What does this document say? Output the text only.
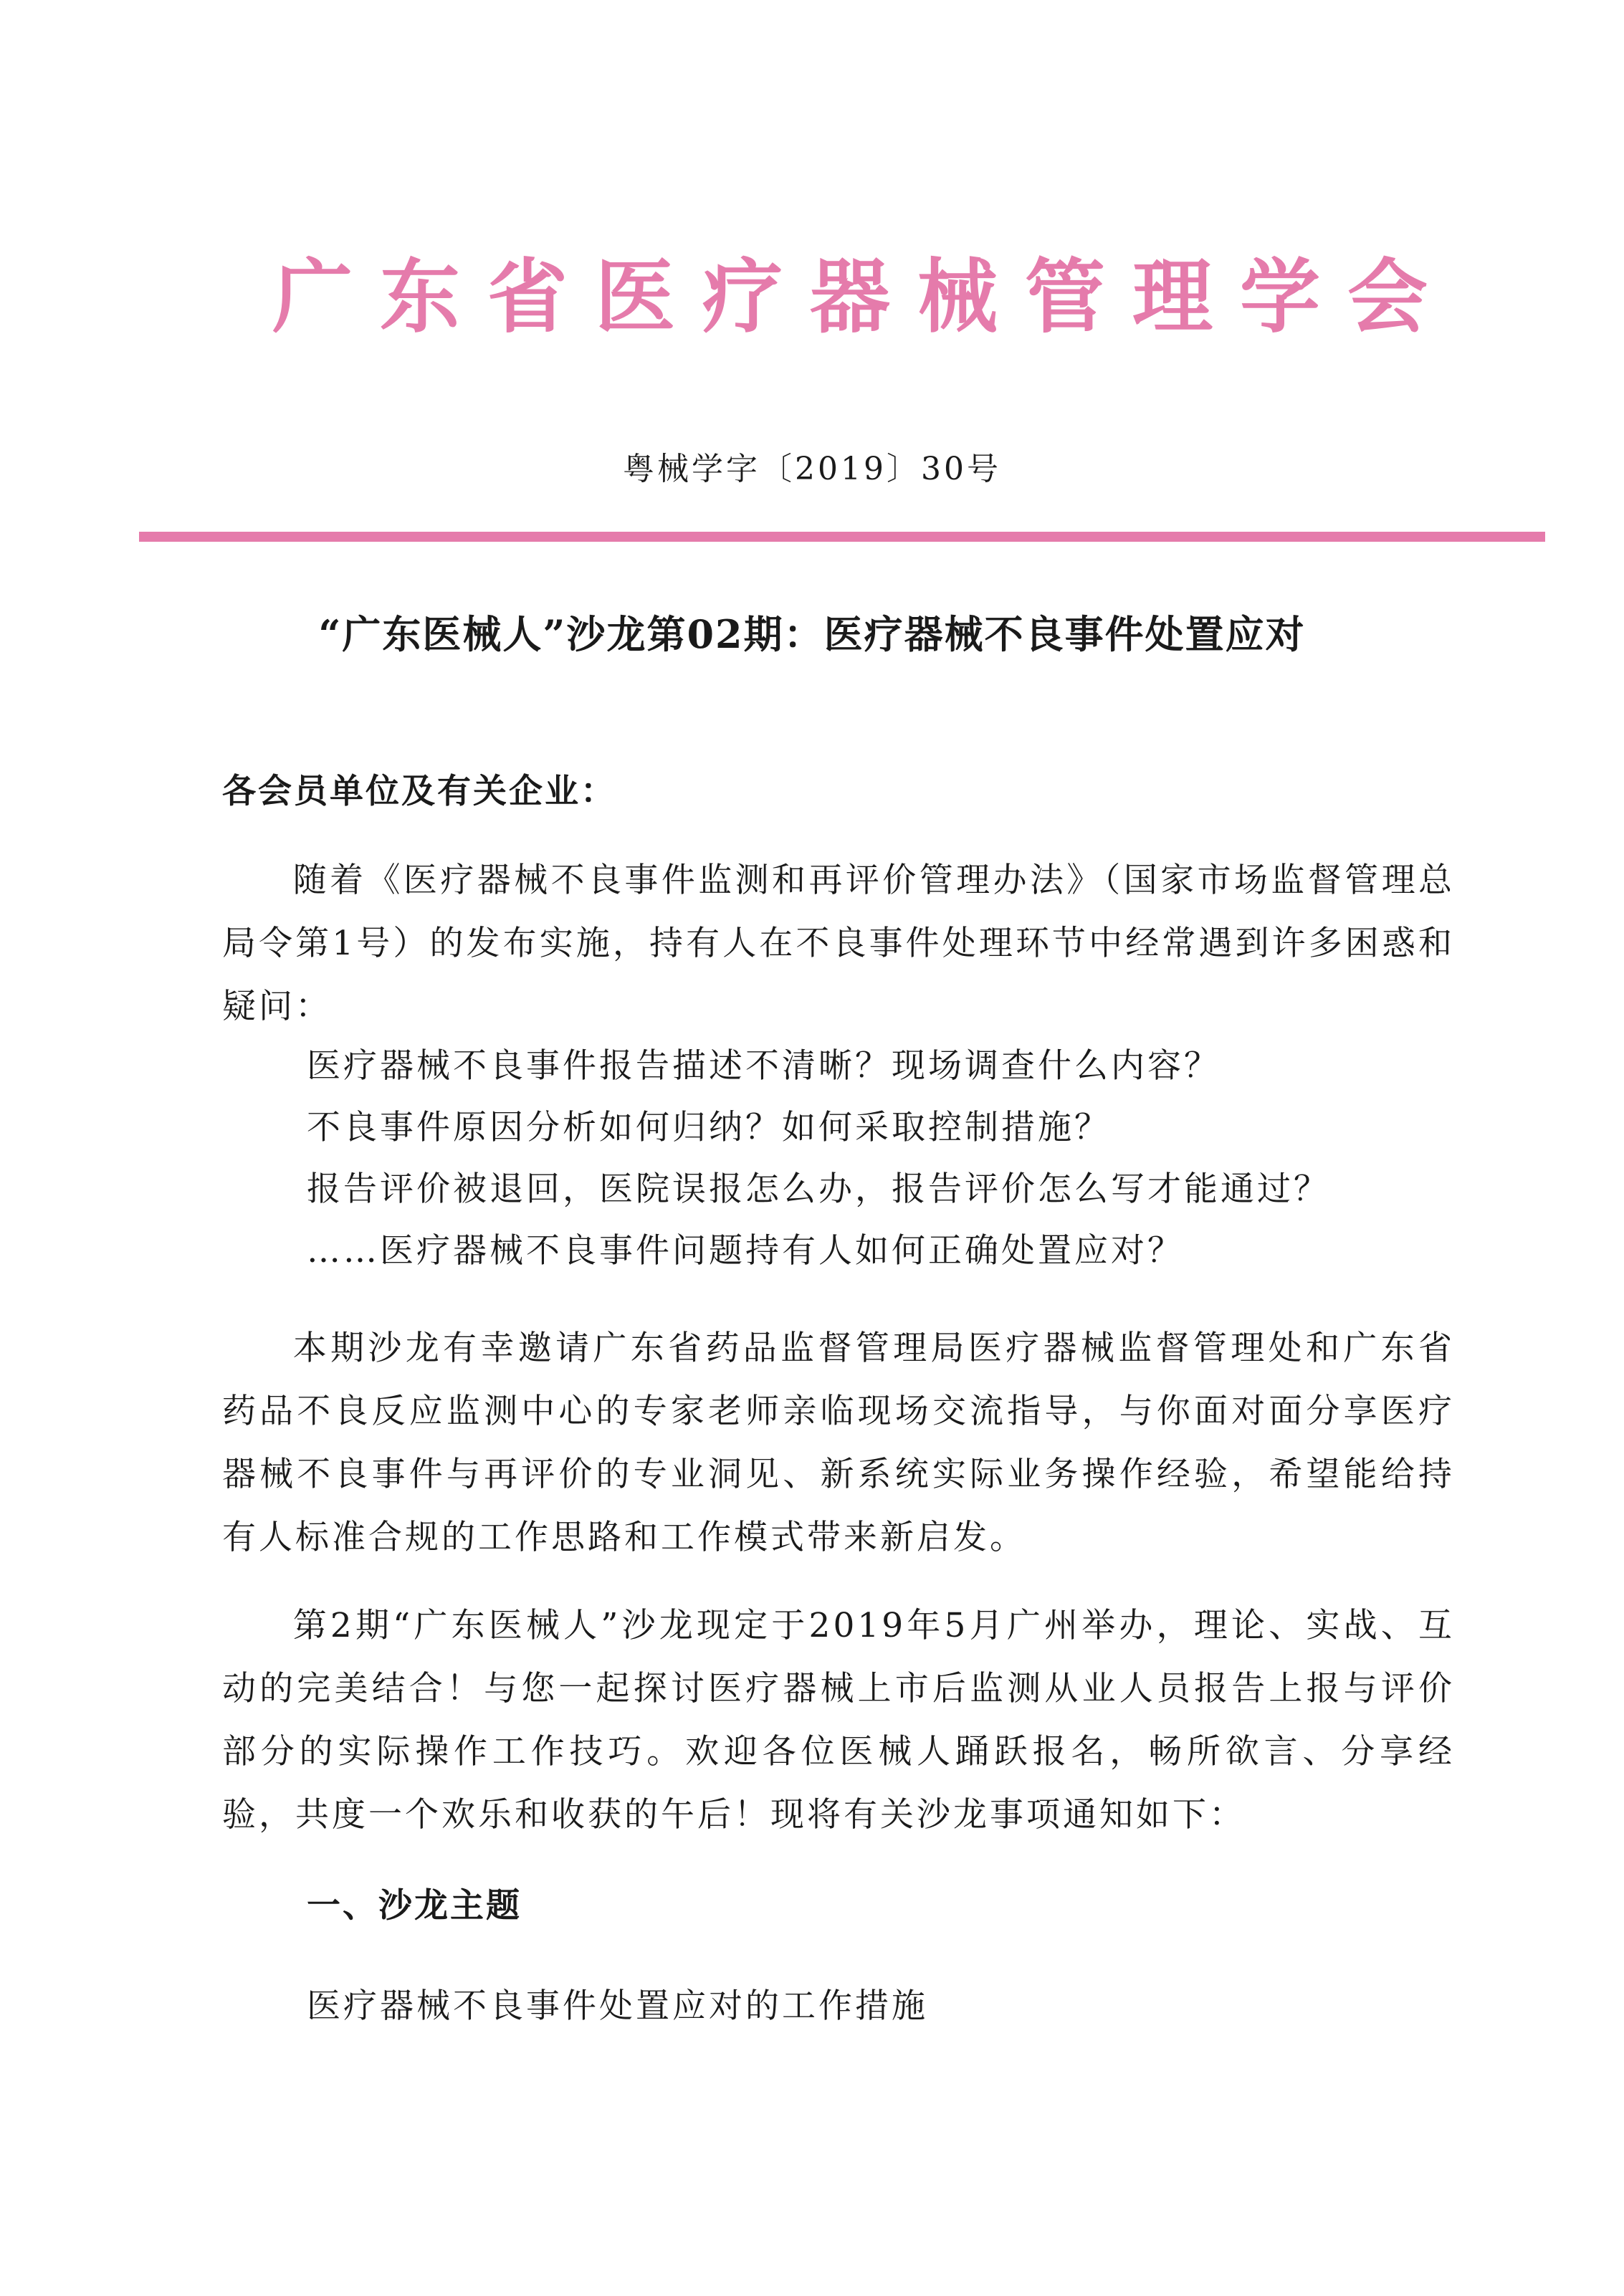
广东省医疗器械管理学会
粤械学字〔2019〕30号
“广东医械人”沙龙第02期：医疗器械不良事件处置应对
各会员单位及有关企业：
随着《医疗器械不良事件监测和再评价管理办法》（国家市场监督管理总局令第1号）的发布实施，持有人在不良事件处理环节中经常遇到许多困惑和疑问：
医疗器械不良事件报告描述不清晰？现场调查什么内容？
不良事件原因分析如何归纳？如何采取控制措施？
报告评价被退回，医院误报怎么办，报告评价怎么写才能通过？
……医疗器械不良事件问题持有人如何正确处置应对？
本期沙龙有幸邀请广东省药品监督管理局医疗器械监督管理处和广东省药品不良反应监测中心的专家老师亲临现场交流指导，与你面对面分享医疗器械不良事件与再评价的专业洞见、新系统实际业务操作经验，希望能给持有人标准合规的工作思路和工作模式带来新启发。
第2期“广东医械人”沙龙现定于2019年5月广州举办，理论、实战、互动的完美结合！与您一起探讨医疗器械上市后监测从业人员报告上报与评价部分的实际操作工作技巧。欢迎各位医械人踊跃报名，畅所欲言、分享经验，共度一个欢乐和收获的午后！现将有关沙龙事项通知如下：
一、沙龙主题
医疗器械不良事件处置应对的工作措施
